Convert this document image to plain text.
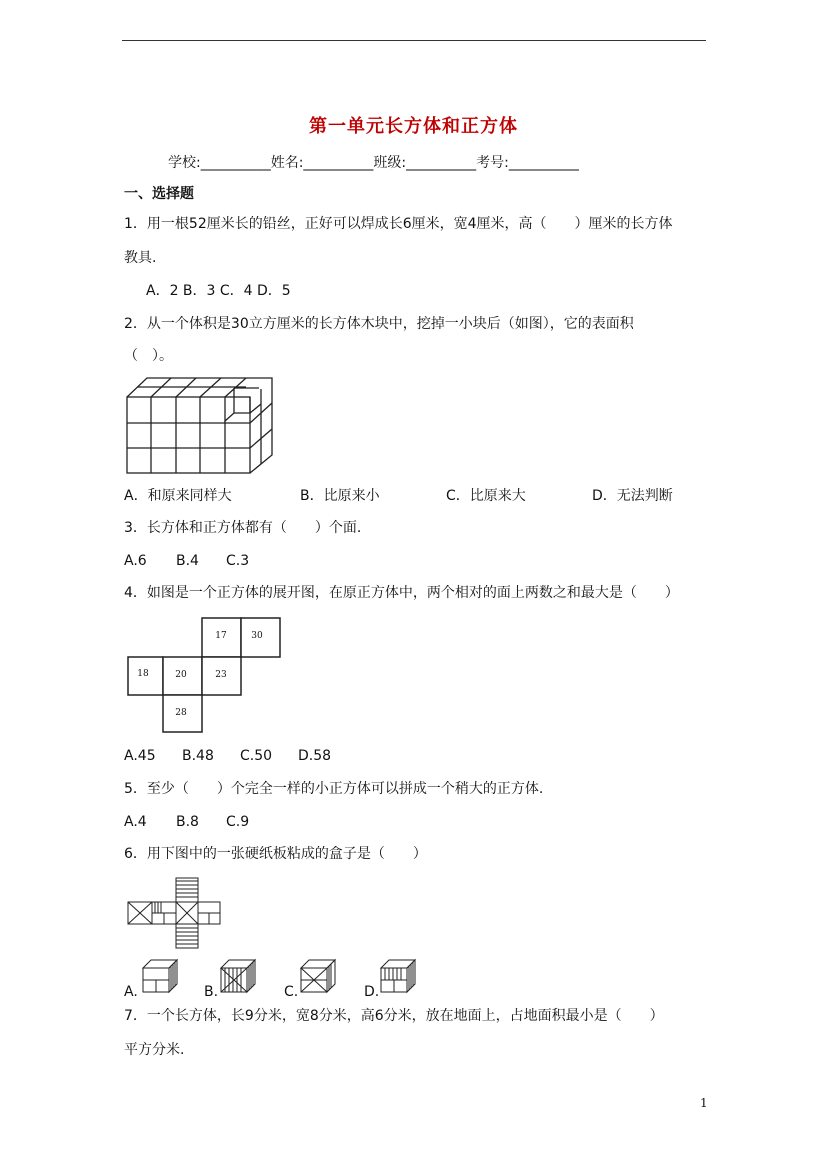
第一单元长方体和正方体
学校:__________姓名:__________班级:__________考号:__________
一、选择题
1．用一根52厘米长的铅丝，正好可以焊成长6厘米，宽4厘米，高（　　）厘米的长方体
教具.
A．2 B．3 C．4 D．5
2．从一个体积是30立方厘米的长方体木块中，挖掉一小块后（如图），它的表面积
（　）。
A．和原来同样大	B．比原来小	C．比原来大	D．无法判断
3．长方体和正方体都有（　　）个面.
A.6 B.4 C.3
4．如图是一个正方体的展开图，在原正方体中，两个相对的面上两数之和最大是（　　）
17	30
18	20	23
28
A.45 B.48 C.50 D.58
5．至少（　　）个完全一样的小正方体可以拼成一个稍大的正方体.
A.4 B.8 C.9
6．用下图中的一张硬纸板粘成的盒子是（　　）
A.	B.	C.	D.
7．一个长方体，长9分米，宽8分米，高6分米，放在地面上，占地面积最小是（　　）
平方分米.
1
